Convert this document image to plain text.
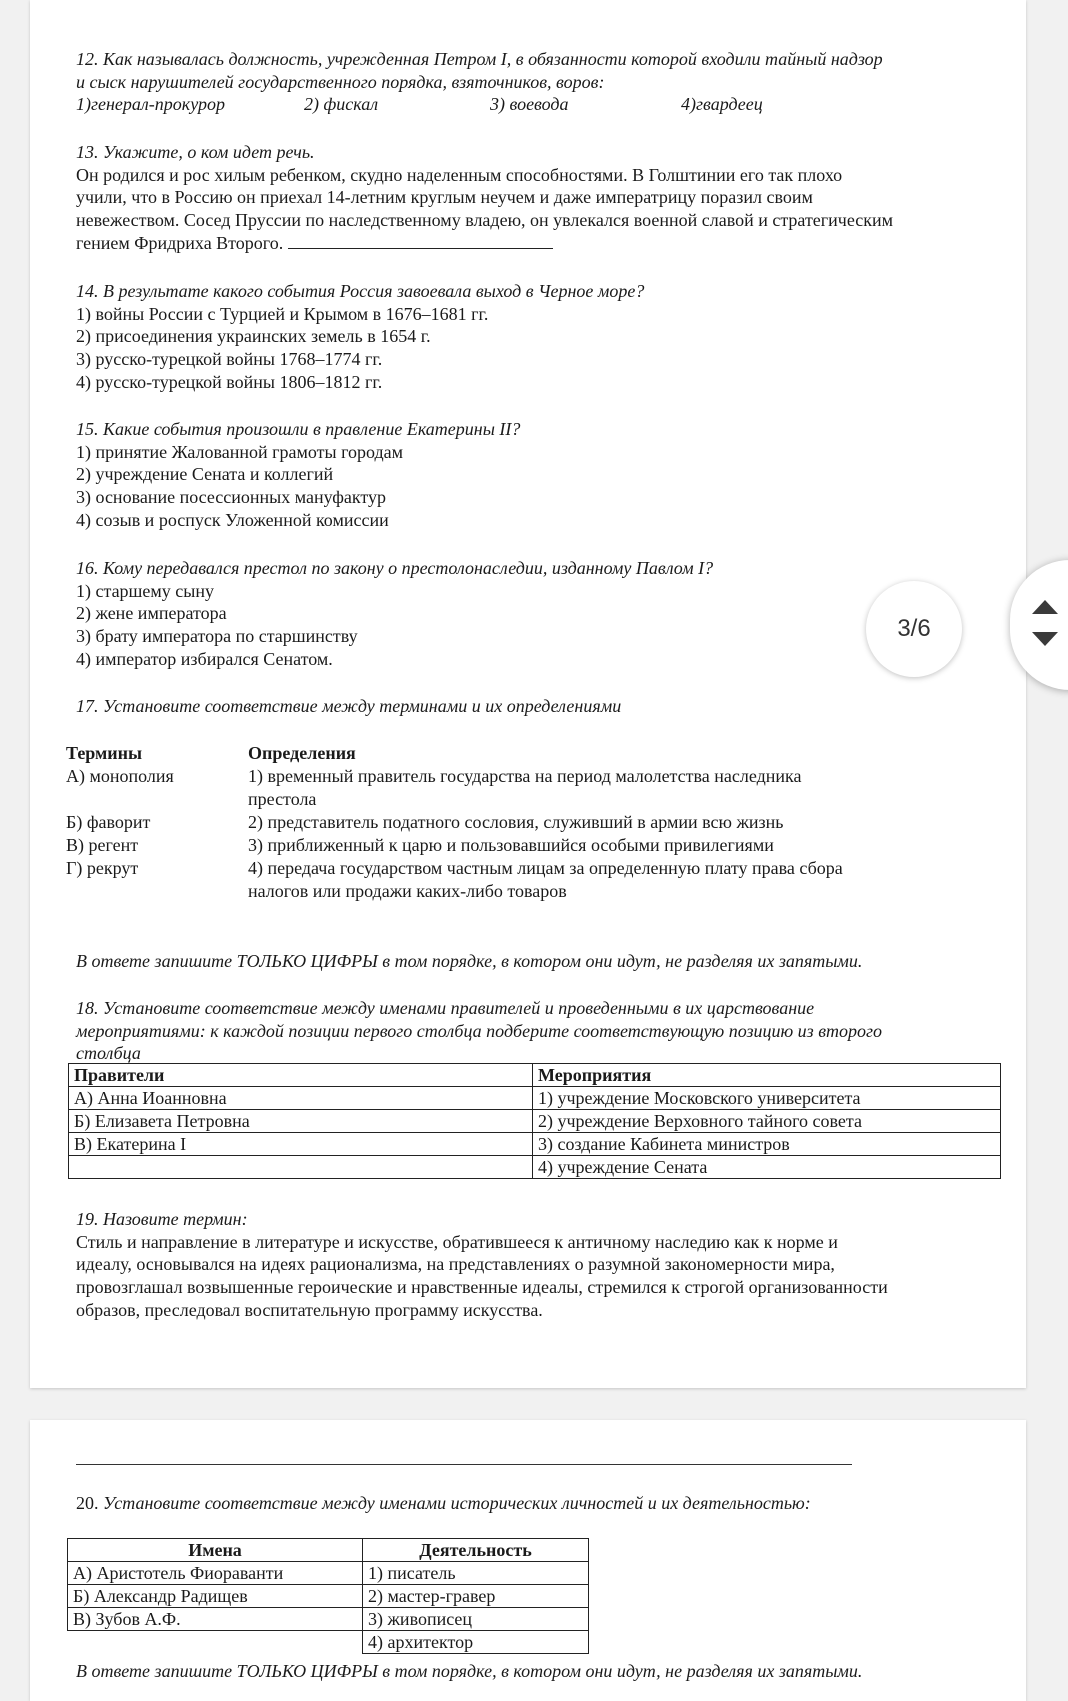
12. Как называлась должность, учрежденная Петром I, в обязанности которой входили тайный надзор
и сыск нарушителей государственного порядка, взяточников, воров:
1)генерал-прокурор	2) фискал	3) воевода	4)гвардеец
13. Укажите, о ком идет речь.
Он родился и рос хилым ребенком, скудно наделенным способностями. В Голштинии его так плохо
учили, что в Россию он приехал 14-летним круглым неучем и даже императрицу поразил своим
невежеством. Сосед Пруссии по наследственному владею, он увлекался военной славой и стратегическим
гением Фридриха Второго.
14. В результате какого события Россия завоевала выход в Черное море?
1) войны России с Турцией и Крымом в 1676–1681 гг.
2) присоединения украинских земель в 1654 г.
3) русско-турецкой войны 1768–1774 гг.
4) русско-турецкой войны 1806–1812 гг.
15. Какие события произошли в правление Екатерины II?
1) принятие Жалованной грамоты городам
2) учреждение Сената и коллегий
3) основание посессионных мануфактур
4) созыв и роспуск Уложенной комиссии
16. Кому передавался престол по закону о престолонаследии, изданному Павлом I?
1) старшему сыну
2) жене императора
3) брату императора по старшинству
4) император избирался Сенатом.
17. Установите соответствие между терминами и их определениями
Термины	Определения
А) монополия	1) временный правитель государства на период малолетства наследника престола
Б) фаворит	2) представитель податного сословия, служивший в армии всю жизнь
В) регент	3) приближенный к царю и пользовавшийся особыми привилегиями
Г) рекрут	4) передача государством частным лицам за определенную плату права сбора налогов или продажи каких-либо товаров
В ответе запишите ТОЛЬКО ЦИФРЫ в том порядке, в котором они идут, не разделяя их запятыми.
18. Установите соответствие между именами правителей и проведенными в их царствование
мероприятиями: к каждой позиции первого столбца подберите соответствующую позицию из второго
столбца
Правители	Мероприятия
А) Анна Иоанновна	1) учреждение Московского университета
Б) Елизавета Петровна	2) учреждение Верховного тайного совета
В) Екатерина I	3) создание Кабинета министров
	4) учреждение Сената
19. Назовите термин:
Стиль и направление в литературе и искусстве, обратившееся к античному наследию как к норме и
идеалу, основывался на идеях рационализма, на представлениях о разумной закономерности мира,
провозглашал возвышенные героические и нравственные идеалы, стремился к строгой организованности
образов, преследовал воспитательную программу искусства.
20. Установите соответствие между именами исторических личностей и их деятельностью:
Имена	Деятельность
А) Аристотель Фиораванти	1) писатель
Б) Александр Радищев	2) мастер-гравер
В) Зубов А.Ф.	3) живописец
	4) архитектор
В ответе запишите ТОЛЬКО ЦИФРЫ в том порядке, в котором они идут, не разделяя их запятыми.
3/6
